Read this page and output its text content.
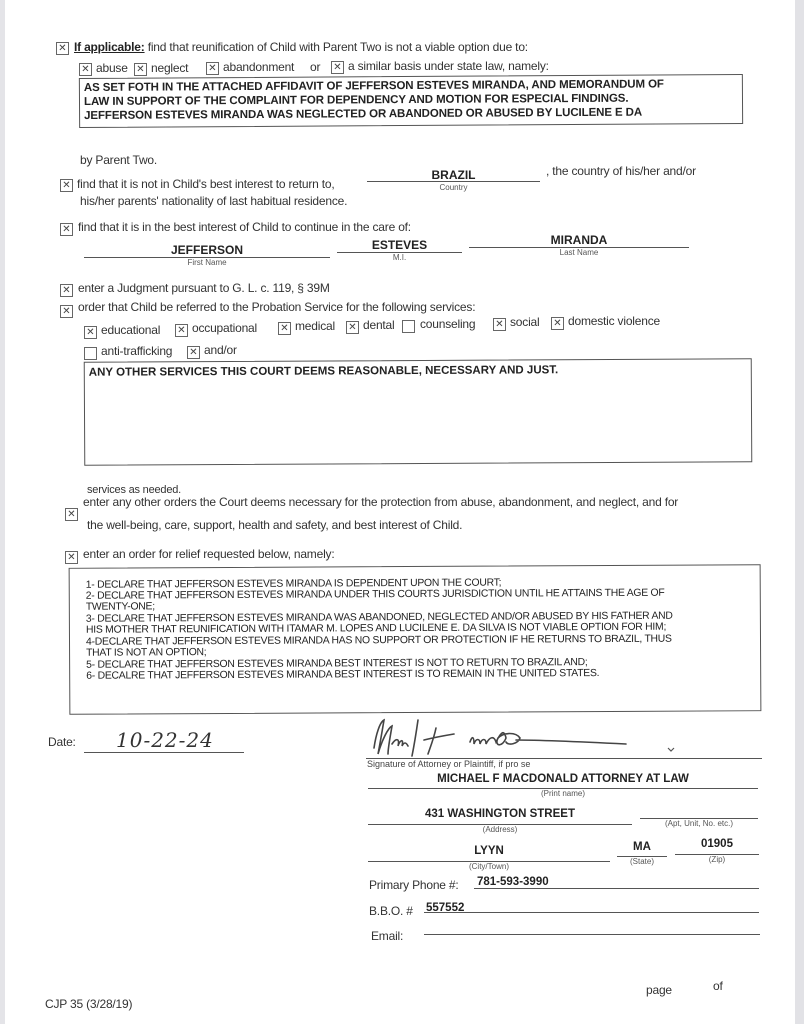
✕ If applicable: find that reunification of Child with Parent Two is not a viable option due to:
✕ abuse ✕ neglect ✕ abandonment or ✕ a similar basis under state law, namely:
AS SET FOTH IN THE ATTACHED AFFIDAVIT OF JEFFERSON ESTEVES MIRANDA, AND MEMORANDUM OF
LAW IN SUPPORT OF THE COMPLAINT FOR DEPENDENCY AND MOTION FOR ESPECIAL FINDINGS.
JEFFERSON ESTEVES MIRANDA WAS NEGLECTED OR ABANDONED OR ABUSED BY LUCILENE E DA
by Parent Two.
✕ find that it is not in Child's best interest to return to,
BRAZIL
Country
, the country of his/her and/or
his/her parents' nationality of last habitual residence.
✕ find that it is in the best interest of Child to continue in the care of:
JEFFERSON
First Name
ESTEVES
M.I.
MIRANDA
Last Name
✕ enter a Judgment pursuant to G. L. c. 119, § 39M
✕ order that Child be referred to the Probation Service for the following services:
✕ educational ✕ occupational ✕ medical ✕ dental counseling ✕ social ✕ domestic violence
anti-trafficking ✕ and/or
ANY OTHER SERVICES THIS COURT DEEMS REASONABLE, NECESSARY AND JUST.
services as needed.
✕
enter any other orders the Court deems necessary for the protection from abuse, abandonment, and neglect, and for
the well-being, care, support, health and safety, and best interest of Child.
✕ enter an order for relief requested below, namely:
1- DECLARE THAT JEFFERSON ESTEVES MIRANDA IS DEPENDENT UPON THE COURT;
2- DECLARE THAT JEFFERSON ESTEVES MIRANDA UNDER THIS COURTS JURISDICTION UNTIL HE ATTAINS THE AGE OF
TWENTY-ONE;
3- DECLARE THAT JEFFERSON ESTEVES MIRANDA WAS ABANDONED, NEGLECTED AND/OR ABUSED BY HIS FATHER AND
HIS MOTHER THAT REUNIFICATION WITH ITAMAR M. LOPES AND LUCILENE E. DA SILVA IS NOT VIABLE OPTION FOR HIM;
4-DECLARE THAT JEFFERSON ESTEVES MIRANDA HAS NO SUPPORT OR PROTECTION IF HE RETURNS TO BRAZIL, THUS
THAT IS NOT AN OPTION;
5- DECLARE THAT JEFFERSON ESTEVES MIRANDA BEST INTEREST IS NOT TO RETURN TO BRAZIL AND;
6- DECALRE THAT JEFFERSON ESTEVES MIRANDA BEST INTEREST IS TO REMAIN IN THE UNITED STATES.
Date: 10-22-24
Signature of Attorney or Plaintiff, if pro se
MICHAEL F MACDONALD ATTORNEY AT LAW
(Print name)
431 WASHINGTON STREET
(Address)
(Apt, Unit, No. etc.)
LYYN
(City/Town)
MA
(State)
01905
(Zip)
Primary Phone #: 781-593-3990
B.B.O. # 557552
Email:
CJP 35 (3/28/19)
page	of
